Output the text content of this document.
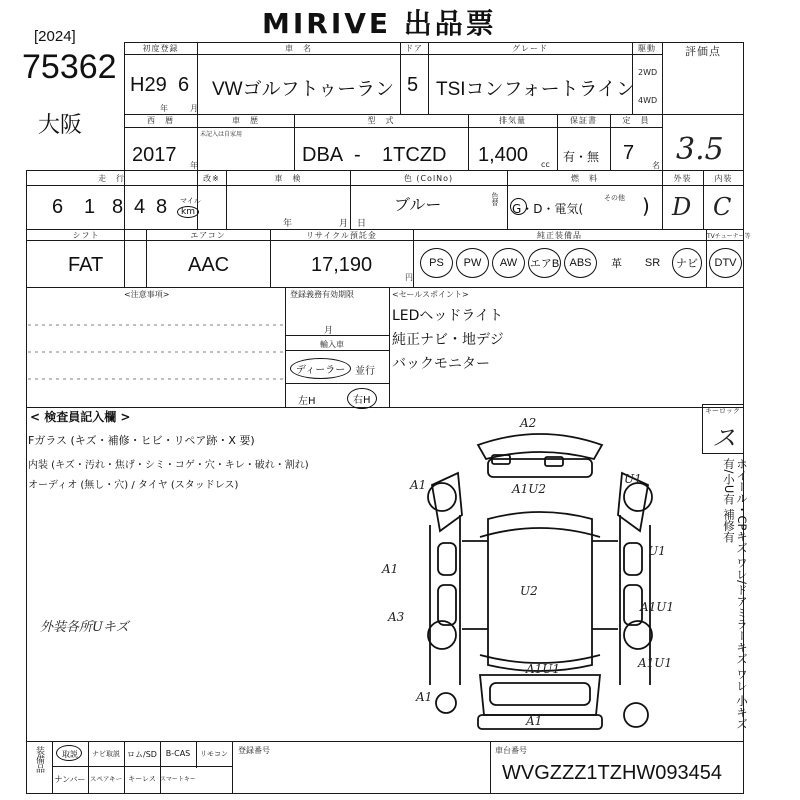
[2024]	MIRIVE 出品票
75362
大阪
初度登録
H29 6
年	月
車　名
VWゴルフトゥーラン
ドア
5
グレード
TSIコンフォートライン
駆動
2WD
4WD
評価点
3.5
西　暦
2017 年
車　歴
未記入は自家用
型　式
DBA - 1TCZD
排気量
1,400 cc
保証書
有・無
定　員
7
名
走　行
6 1 8 4 8 マイル
km
改※	車　検
年	月 日
色 (ColNo)
ブルー	色替
燃　料
G・D・電気(
その他 )
外装
D
内装
C
シフト
FAT
エアコン
AAC
リサイクル預託金
17,190
円
純正装備品	TVチューナー等
PS	PW	AW	エアB ABS	革	SR	ナビ	DTV
<注意事項>	登録義務有効期限
月
輸入車
ディーラー 並行
左H	右H
<セールスポイント>
LEDヘッドライト
純正ナビ・地デジ
バックモニター
< 検査員記入欄 >
Fガラス (キズ・補修・ヒビ・リペア跡・X 要)
内装 (キズ・汚れ・焦げ・シミ・コゲ・穴・キレ・破れ・割れ)
オーディオ (無し・穴) / タイヤ (スタッドレス)
外装各所Uキズ
キーロック
ス
ホイール・CPキズ ワレ/ドアミラーキズ ワレ 小キズ有/小U有 補修有
A2
A1	A1U2
U1
A1
U1
U2
A3
A1U1
A1U1
A1U1
A1
A1
装備品	取説	ナビ取説 ロム/SD	B-CAS	リモコン
ナンバー スペアキー キーレス スマートキー
登録番号	車台番号
WVGZZZ1TZHW093454
